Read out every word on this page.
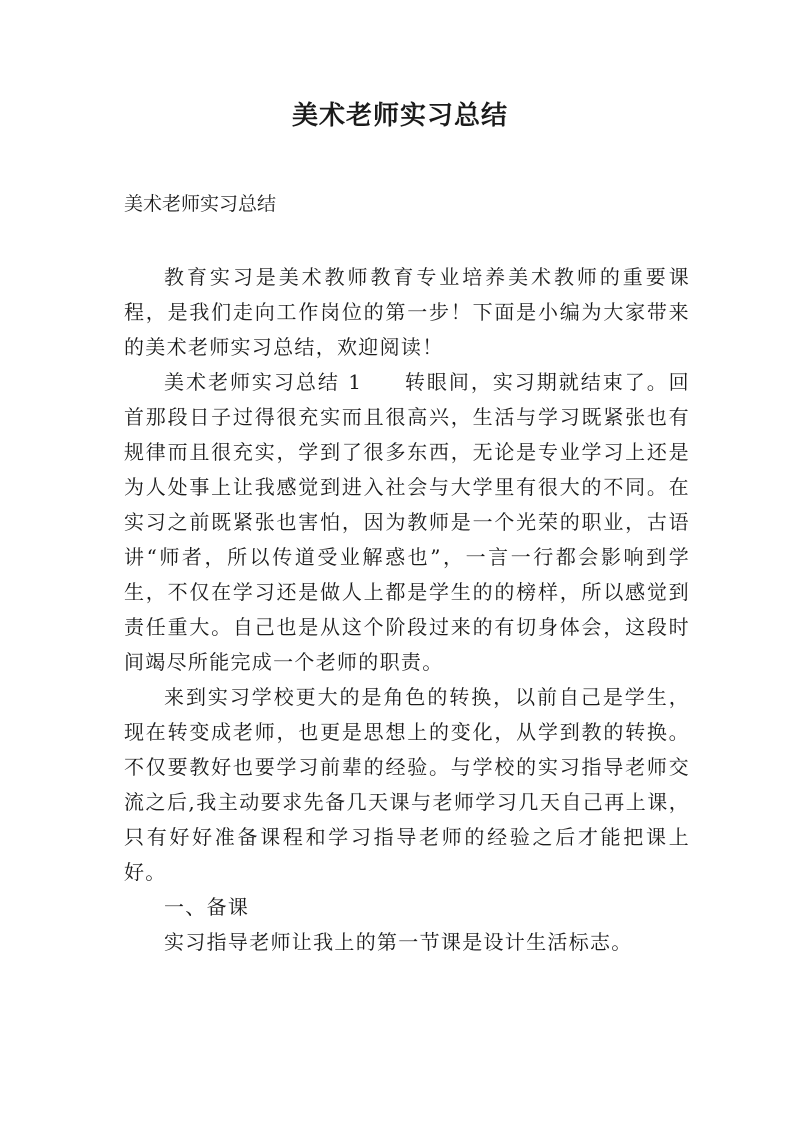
美术老师实习总结

美术老师实习总结

教育实习是美术教师教育专业培养美术教师的重要课程，是我们走向工作岗位的第一步！下面是小编为大家带来的美术老师实习总结，欢迎阅读！

美术老师实习总结 1 转眼间，实习期就结束了。回首那段日子过得很充实而且很高兴，生活与学习既紧张也有规律而且很充实，学到了很多东西，无论是专业学习上还是为人处事上让我感觉到进入社会与大学里有很大的不同。在实习之前既紧张也害怕，因为教师是一个光荣的职业，古语讲“师者，所以传道受业解惑也”，一言一行都会影响到学生，不仅在学习还是做人上都是学生的的榜样，所以感觉到责任重大。自己也是从这个阶段过来的有切身体会，这段时间竭尽所能完成一个老师的职责。

来到实习学校更大的是角色的转换，以前自己是学生，现在转变成老师，也更是思想上的变化，从学到教的转换。不仅要教好也要学习前辈的经验。与学校的实习指导老师交流之后,我主动要求先备几天课与老师学习几天自己再上课，只有好好准备课程和学习指导老师的经验之后才能把课上好。

一、备课

实习指导老师让我上的第一节课是设计生活标志。
